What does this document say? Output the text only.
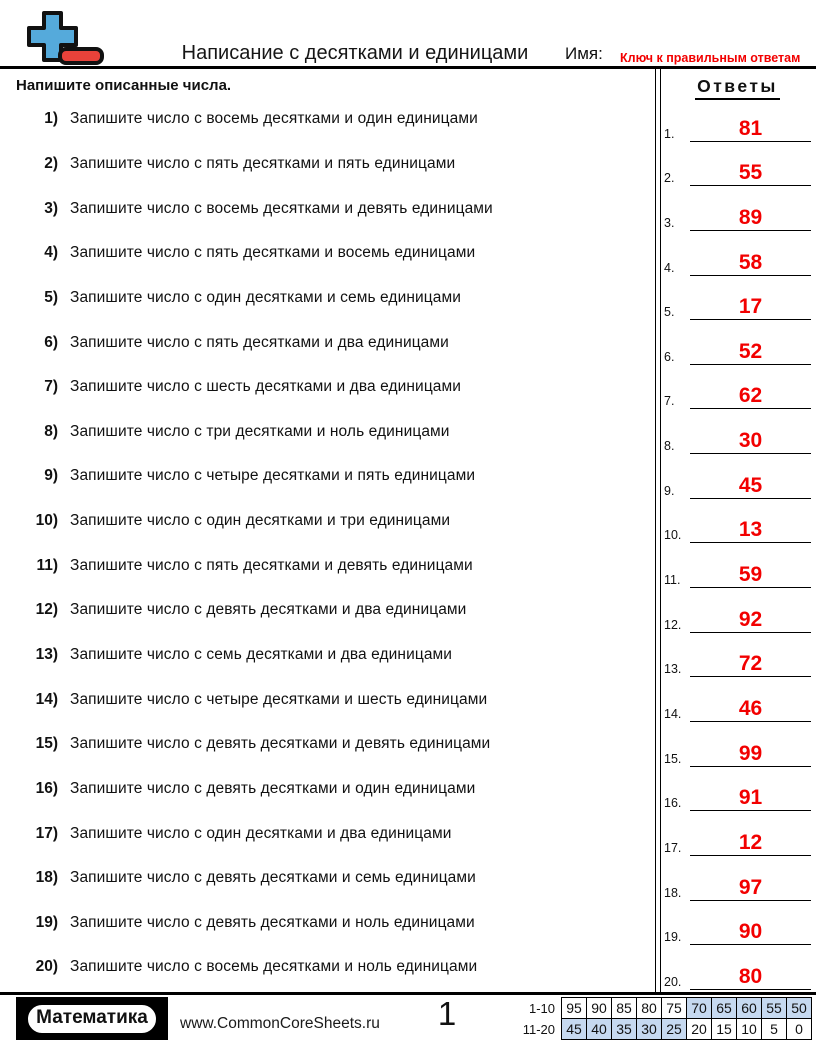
Написание с десятками и единицами Имя: Ключ к правильным ответам
Напишите описанные числа.
1) Запишите число с восемь десятками и один единицами
2) Запишите число с пять десятками и пять единицами
3) Запишите число с восемь десятками и девять единицами
4) Запишите число с пять десятками и восемь единицами
5) Запишите число с один десятками и семь единицами
6) Запишите число с пять десятками и два единицами
7) Запишите число с шесть десятками и два единицами
8) Запишите число с три десятками и ноль единицами
9) Запишите число с четыре десятками и пять единицами
10) Запишите число с один десятками и три единицами
11) Запишите число с пять десятками и девять единицами
12) Запишите число с девять десятками и два единицами
13) Запишите число с семь десятками и два единицами
14) Запишите число с четыре десятками и шесть единицами
15) Запишите число с девять десятками и девять единицами
16) Запишите число с девять десятками и один единицами
17) Запишите число с один десятками и два единицами
18) Запишите число с девять десятками и семь единицами
19) Запишите число с девять десятками и ноль единицами
20) Запишите число с восемь десятками и ноль единицами
Ответы
1.	81
2.	55
3.	89
4.	58
5.	17
6.	52
7.	62
8.	30
9.	45
10.	13
11.	59
12.	92
13.	72
14.	46
15.	99
16.	91
17.	12
18.	97
19.	90
20.	80
Математика	www.CommonCoreSheets.ru 1	1-10	95	90	85	80	75	70	65	60	55	50
11-20	45	40	35	30	25	20	15	10	5	0
